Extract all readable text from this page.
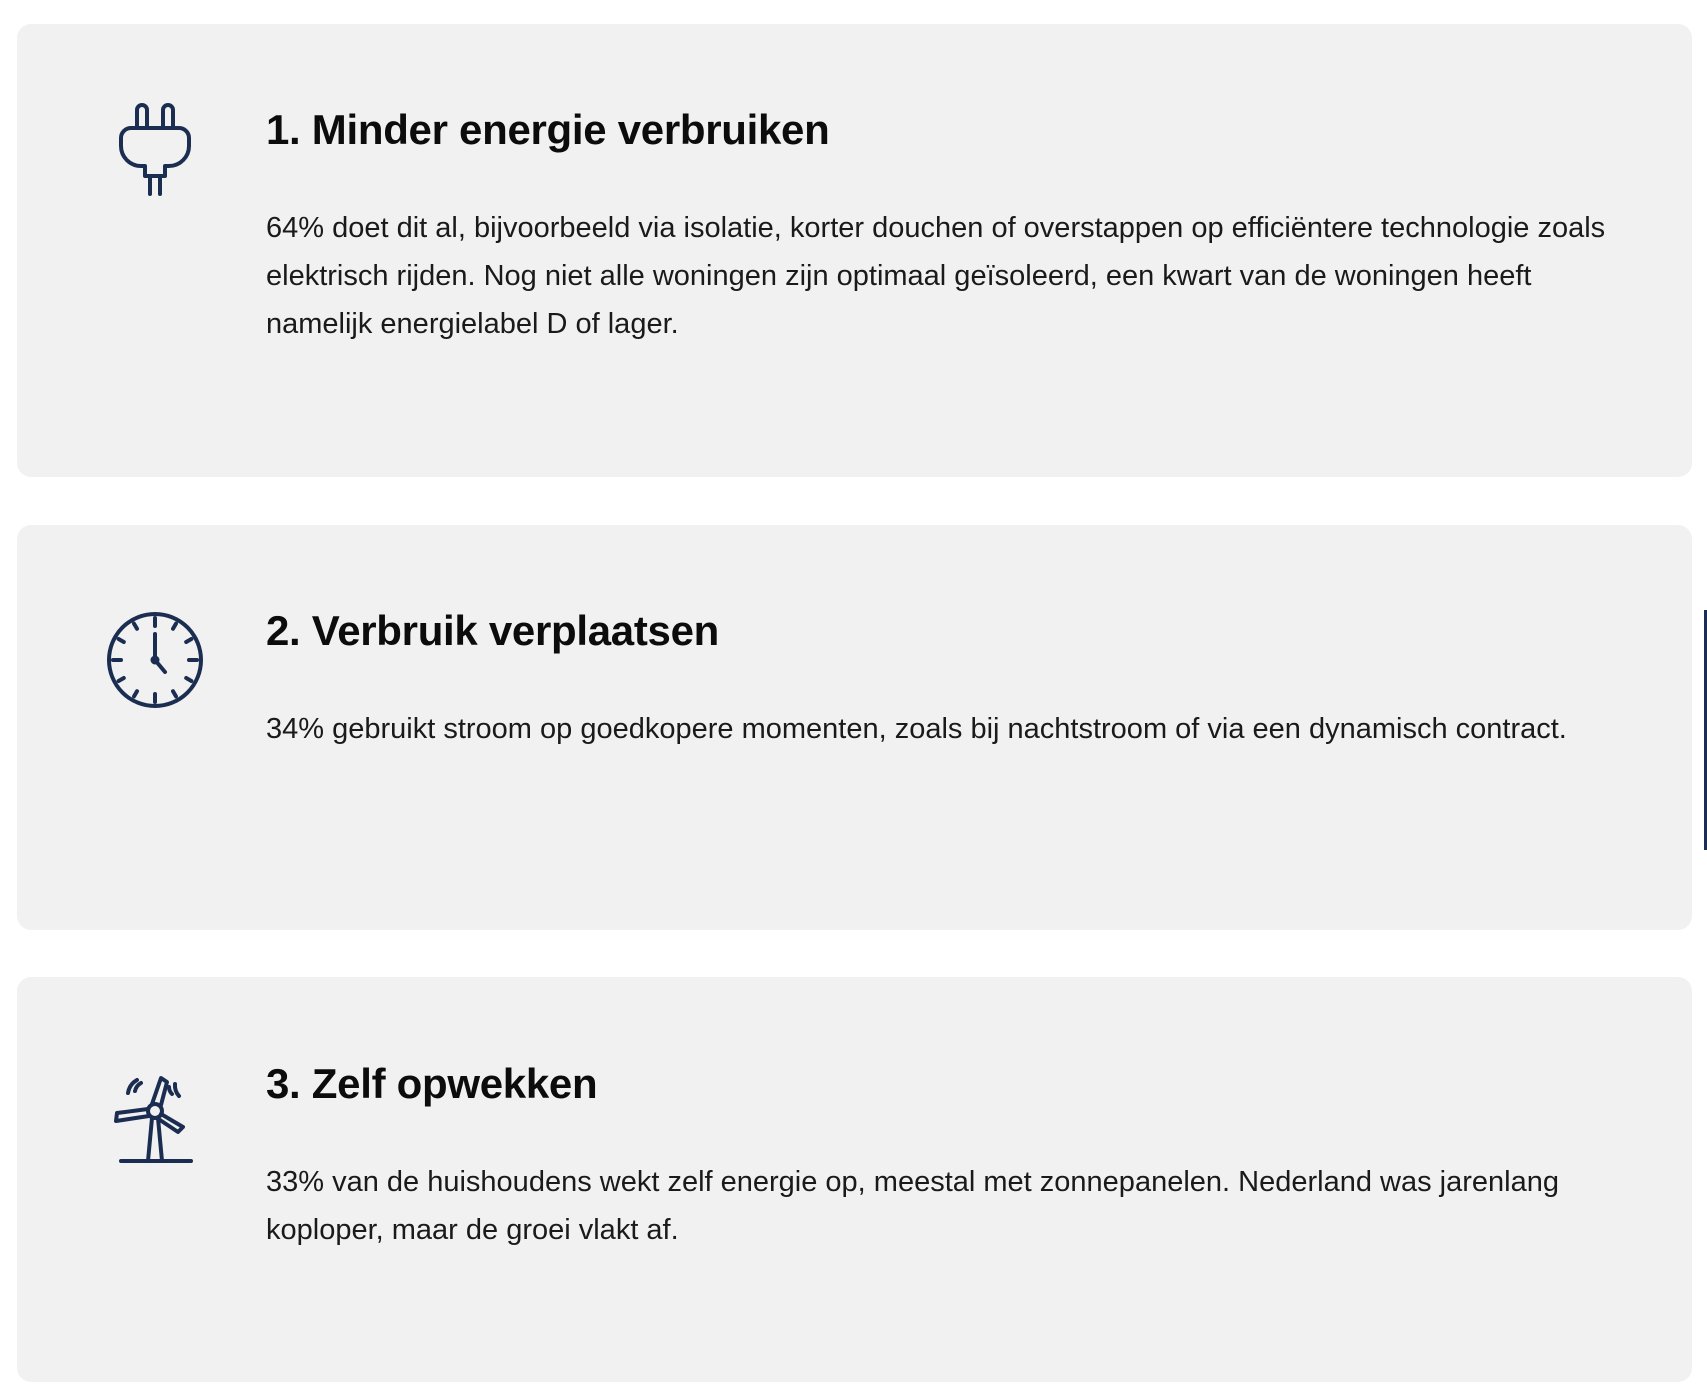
1. Minder energie verbruiken

64% doet dit al, bijvoorbeeld via isolatie, korter douchen of overstappen op efficiëntere technologie zoals elektrisch rijden. Nog niet alle woningen zijn optimaal geïsoleerd, een kwart van de woningen heeft namelijk energielabel D of lager.

2. Verbruik verplaatsen

34% gebruikt stroom op goedkopere momenten, zoals bij nachtstroom of via een dynamisch contract.

3. Zelf opwekken

33% van de huishoudens wekt zelf energie op, meestal met zonnepanelen. Nederland was jarenlang koploper, maar de groei vlakt af.
